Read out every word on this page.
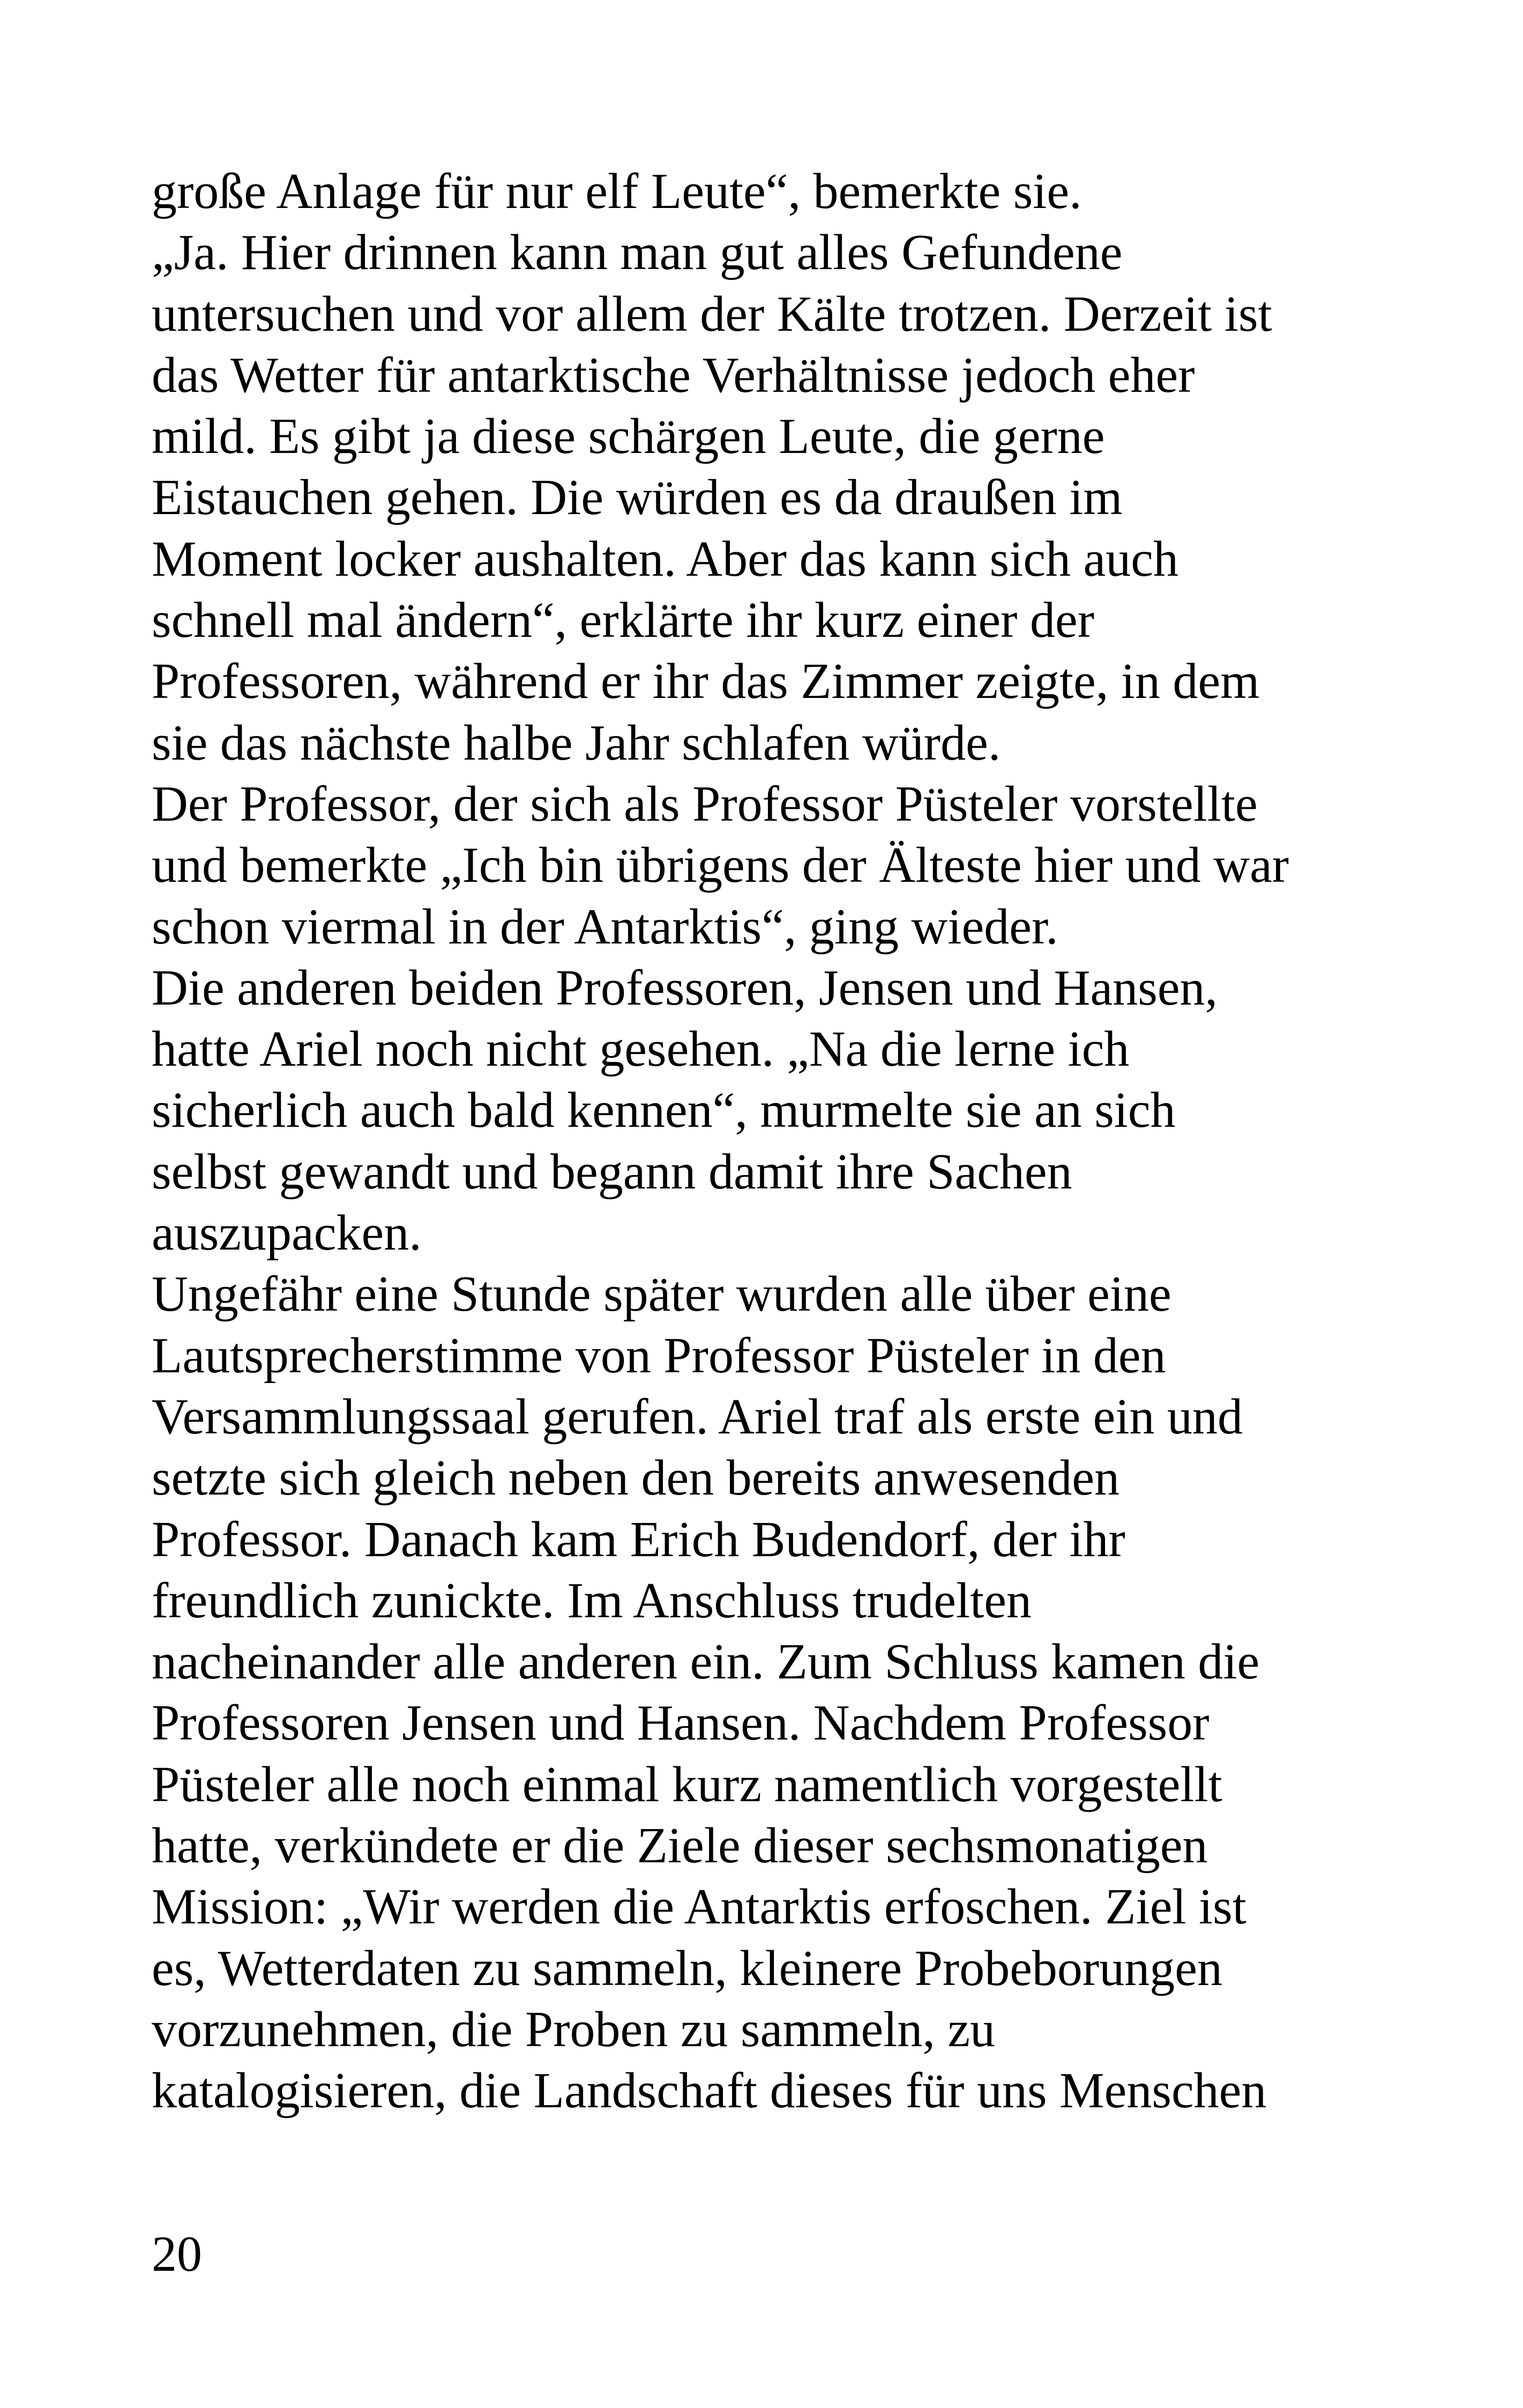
große Anlage für nur elf Leute“, bemerkte sie.
„Ja. Hier drinnen kann man gut alles Gefundene
untersuchen und vor allem der Kälte trotzen. Derzeit ist
das Wetter für antarktische Verhältnisse jedoch eher
mild. Es gibt ja diese schärgen Leute, die gerne
Eistauchen gehen. Die würden es da draußen im
Moment locker aushalten. Aber das kann sich auch
schnell mal ändern“, erklärte ihr kurz einer der
Professoren, während er ihr das Zimmer zeigte, in dem
sie das nächste halbe Jahr schlafen würde.
Der Professor, der sich als Professor Püsteler vorstellte
und bemerkte „Ich bin übrigens der Älteste hier und war
schon viermal in der Antarktis“, ging wieder.
Die anderen beiden Professoren, Jensen und Hansen,
hatte Ariel noch nicht gesehen. „Na die lerne ich
sicherlich auch bald kennen“, murmelte sie an sich
selbst gewandt und begann damit ihre Sachen
auszupacken.
Ungefähr eine Stunde später wurden alle über eine
Lautsprecherstimme von Professor Püsteler in den
Versammlungssaal gerufen. Ariel traf als erste ein und
setzte sich gleich neben den bereits anwesenden
Professor. Danach kam Erich Budendorf, der ihr
freundlich zunickte. Im Anschluss trudelten
nacheinander alle anderen ein. Zum Schluss kamen die
Professoren Jensen und Hansen. Nachdem Professor
Püsteler alle noch einmal kurz namentlich vorgestellt
hatte, verkündete er die Ziele dieser sechsmonatigen
Mission: „Wir werden die Antarktis erfoschen. Ziel ist
es, Wetterdaten zu sammeln, kleinere Probeborungen
vorzunehmen, die Proben zu sammeln, zu
katalogisieren, die Landschaft dieses für uns Menschen
20
